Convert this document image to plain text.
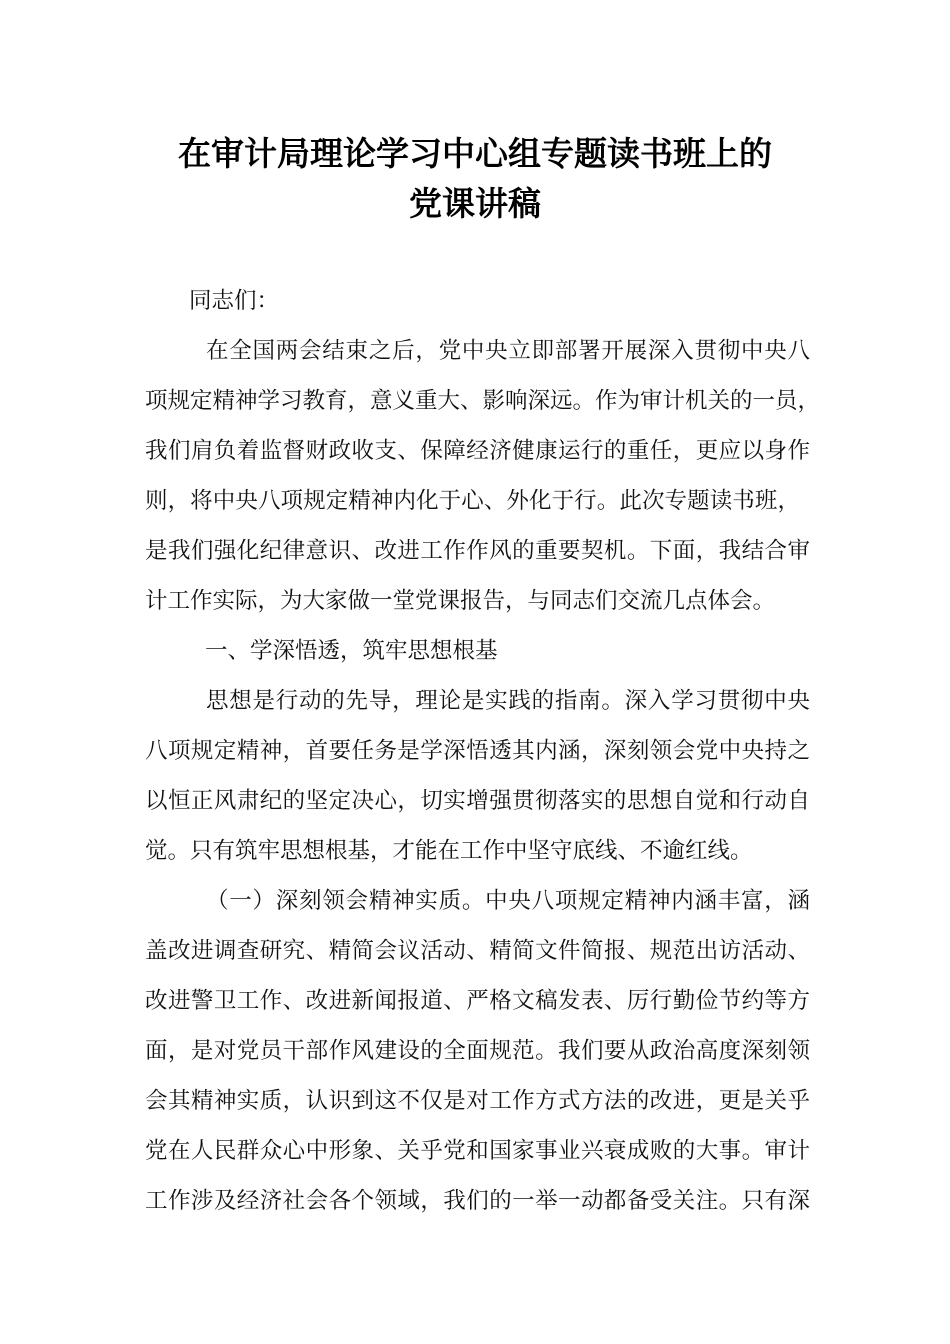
在审计局理论学习中心组专题读书班上的
党课讲稿

同志们：

在全国两会结束之后，党中央立即部署开展深入贯彻中央八

项规定精神学习教育，意义重大、影响深远。作为审计机关的一员，

我们肩负着监督财政收支、保障经济健康运行的重任，更应以身作

则，将中央八项规定精神内化于心、外化于行。此次专题读书班，

是我们强化纪律意识、改进工作作风的重要契机。下面，我结合审

计工作实际，为大家做一堂党课报告，与同志们交流几点体会。

一、学深悟透，筑牢思想根基

思想是行动的先导，理论是实践的指南。深入学习贯彻中央

八项规定精神，首要任务是学深悟透其内涵，深刻领会党中央持之

以恒正风肃纪的坚定决心，切实增强贯彻落实的思想自觉和行动自

觉。只有筑牢思想根基，才能在工作中坚守底线、不逾红线。

（一）深刻领会精神实质。中央八项规定精神内涵丰富，涵

盖改进调查研究、精简会议活动、精简文件简报、规范出访活动、

改进警卫工作、改进新闻报道、严格文稿发表、厉行勤俭节约等方

面，是对党员干部作风建设的全面规范。我们要从政治高度深刻领

会其精神实质，认识到这不仅是对工作方式方法的改进，更是关乎

党在人民群众心中形象、关乎党和国家事业兴衰成败的大事。审计

工作涉及经济社会各个领域，我们的一举一动都备受关注。只有深
